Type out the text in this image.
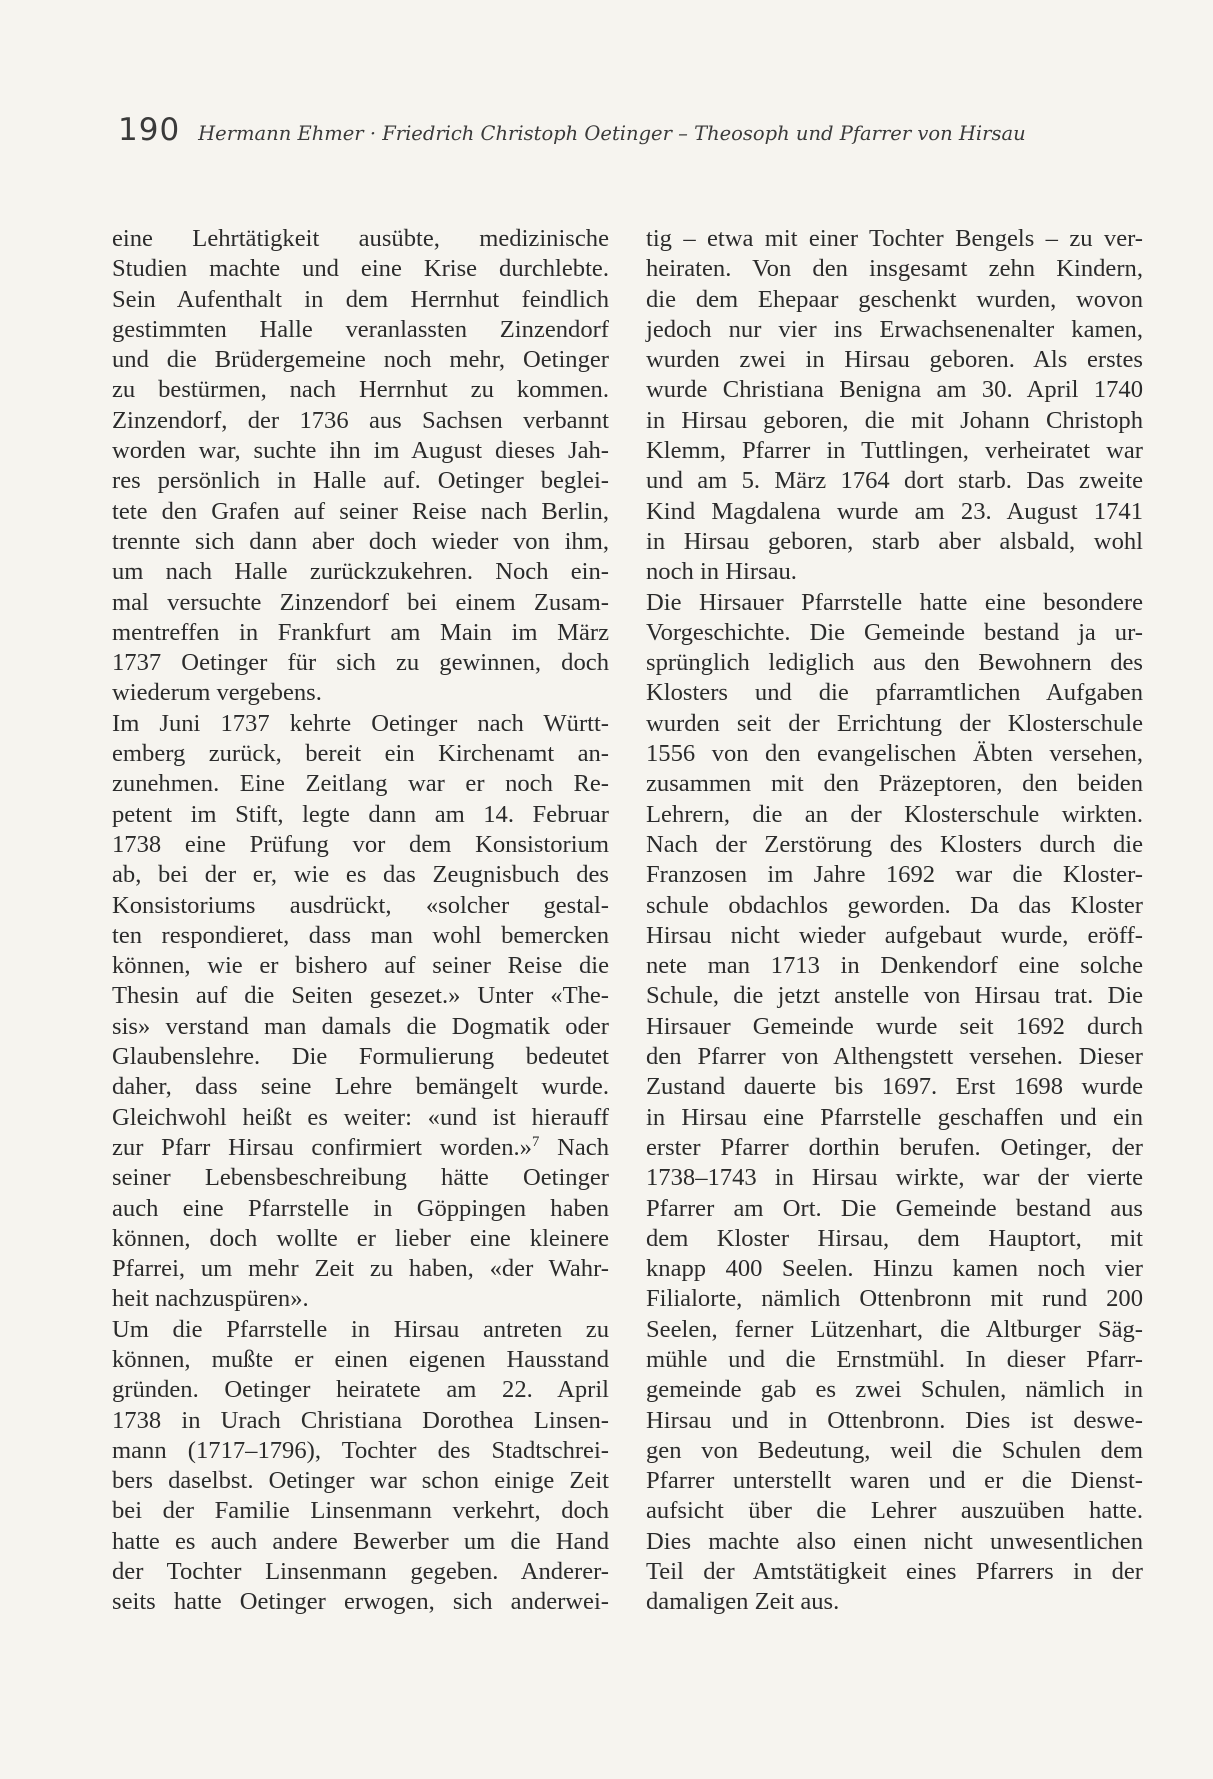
190 Hermann Ehmer · Friedrich Christoph Oetinger – Theosoph und Pfarrer von Hirsau
eine Lehrtätigkeit ausübte, medizinische
Studien machte und eine Krise durchlebte.
Sein Aufenthalt in dem Herrnhut feindlich
gestimmten Halle veranlassten Zinzendorf
und die Brüdergemeine noch mehr, Oetinger
zu bestürmen, nach Herrnhut zu kommen.
Zinzendorf, der 1736 aus Sachsen verbannt
worden war, suchte ihn im August dieses Jah-
res persönlich in Halle auf. Oetinger beglei-
tete den Grafen auf seiner Reise nach Berlin,
trennte sich dann aber doch wieder von ihm,
um nach Halle zurückzukehren. Noch ein-
mal versuchte Zinzendorf bei einem Zusam-
mentreffen in Frankfurt am Main im März
1737 Oetinger für sich zu gewinnen, doch
wiederum vergebens.
Im Juni 1737 kehrte Oetinger nach Württ-
emberg zurück, bereit ein Kirchenamt an-
zunehmen. Eine Zeitlang war er noch Re-
petent im Stift, legte dann am 14. Februar
1738 eine Prüfung vor dem Konsistorium
ab, bei der er, wie es das Zeugnisbuch des
Konsistoriums ausdrückt, «solcher gestal-
ten respondieret, dass man wohl bemercken
können, wie er bishero auf seiner Reise die
Thesin auf die Seiten gesezet.» Unter «The-
sis» verstand man damals die Dogmatik oder
Glaubenslehre. Die Formulierung bedeutet
daher, dass seine Lehre bemängelt wurde.
Gleichwohl heißt es weiter: «und ist hierauff
zur Pfarr Hirsau confirmiert worden.»$^7$ Nach
seiner Lebensbeschreibung hätte Oetinger
auch eine Pfarrstelle in Göppingen haben
können, doch wollte er lieber eine kleinere
Pfarrei, um mehr Zeit zu haben, «der Wahr-
heit nachzuspüren».
Um die Pfarrstelle in Hirsau antreten zu
können, mußte er einen eigenen Hausstand
gründen. Oetinger heiratete am 22. April
1738 in Urach Christiana Dorothea Linsen-
mann (1717–1796), Tochter des Stadtschrei-
bers daselbst. Oetinger war schon einige Zeit
bei der Familie Linsenmann verkehrt, doch
hatte es auch andere Bewerber um die Hand
der Tochter Linsenmann gegeben. Anderer-
seits hatte Oetinger erwogen, sich anderwei-
tig – etwa mit einer Tochter Bengels – zu ver-
heiraten. Von den insgesamt zehn Kindern,
die dem Ehepaar geschenkt wurden, wovon
jedoch nur vier ins Erwachsenenalter kamen,
wurden zwei in Hirsau geboren. Als erstes
wurde Christiana Benigna am 30. April 1740
in Hirsau geboren, die mit Johann Christoph
Klemm, Pfarrer in Tuttlingen, verheiratet war
und am 5. März 1764 dort starb. Das zweite
Kind Magdalena wurde am 23. August 1741
in Hirsau geboren, starb aber alsbald, wohl
noch in Hirsau.
Die Hirsauer Pfarrstelle hatte eine besondere
Vorgeschichte. Die Gemeinde bestand ja ur-
sprünglich lediglich aus den Bewohnern des
Klosters und die pfarramtlichen Aufgaben
wurden seit der Errichtung der Klosterschule
1556 von den evangelischen Äbten versehen,
zusammen mit den Präzeptoren, den beiden
Lehrern, die an der Klosterschule wirkten.
Nach der Zerstörung des Klosters durch die
Franzosen im Jahre 1692 war die Kloster-
schule obdachlos geworden. Da das Kloster
Hirsau nicht wieder aufgebaut wurde, eröff-
nete man 1713 in Denkendorf eine solche
Schule, die jetzt anstelle von Hirsau trat. Die
Hirsauer Gemeinde wurde seit 1692 durch
den Pfarrer von Althengstett versehen. Dieser
Zustand dauerte bis 1697. Erst 1698 wurde
in Hirsau eine Pfarrstelle geschaffen und ein
erster Pfarrer dorthin berufen. Oetinger, der
1738–1743 in Hirsau wirkte, war der vierte
Pfarrer am Ort. Die Gemeinde bestand aus
dem Kloster Hirsau, dem Hauptort, mit
knapp 400 Seelen. Hinzu kamen noch vier
Filialorte, nämlich Ottenbronn mit rund 200
Seelen, ferner Lützenhart, die Altburger Säg-
mühle und die Ernstmühl. In dieser Pfarr-
gemeinde gab es zwei Schulen, nämlich in
Hirsau und in Ottenbronn. Dies ist deswe-
gen von Bedeutung, weil die Schulen dem
Pfarrer unterstellt waren und er die Dienst-
aufsicht über die Lehrer auszuüben hatte.
Dies machte also einen nicht unwesentlichen
Teil der Amtstätigkeit eines Pfarrers in der
damaligen Zeit aus.
